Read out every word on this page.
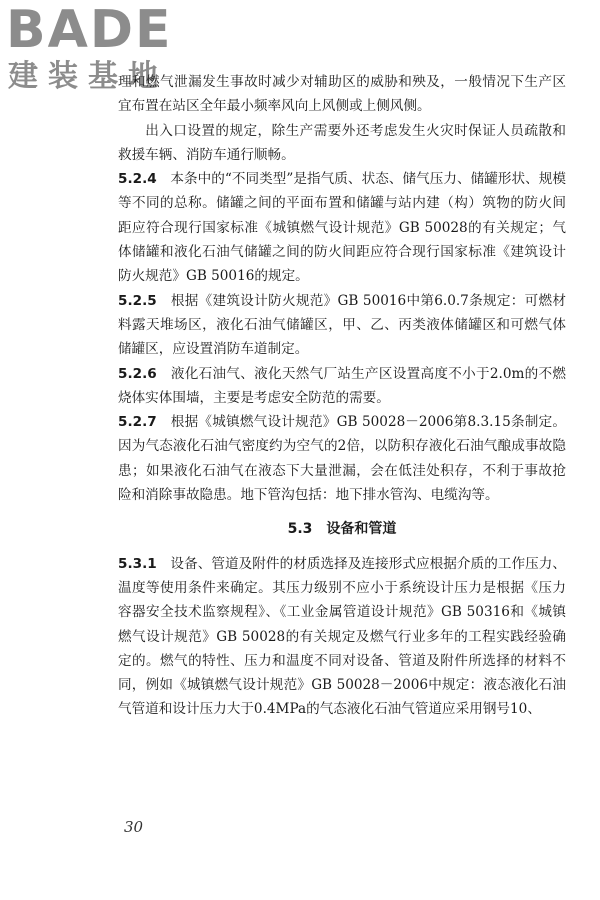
BADE
建装基地

理和燃气泄漏发生事故时减少对辅助区的威胁和殃及，一般情况下生产区宜布置在站区全年最小频率风向上风侧或上侧风侧。

出入口设置的规定，除生产需要外还考虑发生火灾时保证人员疏散和救援车辆、消防车通行顺畅。

5.2.4　 本条中的“不同类型”是指气质、状态、储气压力、储罐形状、规模等不同的总称。储罐之间的平面布置和储罐与站内建（构）筑物的防火间距应符合现行国家标准《城镇燃气设计规范》GB 50028的有关规定；气体储罐和液化石油气储罐之间的防火间距应符合现行国家标准《建筑设计防火规范》GB 50016的规定。

5.2.5　 根据《建筑设计防火规范》GB 50016中第6.0.7条规定：可燃材料露天堆场区，液化石油气储罐区，甲、乙、丙类液体储罐区和可燃气体储罐区，应设置消防车道制定。

5.2.6　 液化石油气、液化天然气厂站生产区设置高度不小于2.0m的不燃烧体实体围墙，主要是考虑安全防范的需要。

5.2.7　 根据《城镇燃气设计规范》GB 50028－2006第8.3.15条制定。因为气态液化石油气密度约为空气的2倍，以防积存液化石油气酿成事故隐患；如果液化石油气在液态下大量泄漏，会在低洼处积存，不利于事故抢险和消除事故隐患。地下管沟包括：地下排水管沟、电缆沟等。

5.3　设备和管道

5.3.1　 设备、管道及附件的材质选择及连接形式应根据介质的工作压力、温度等使用条件来确定。其压力级别不应小于系统设计压力是根据《压力容器安全技术监察规程》、《工业金属管道设计规范》GB 50316和《城镇燃气设计规范》GB 50028的有关规定及燃气行业多年的工程实践经验确定的。燃气的特性、压力和温度不同对设备、管道及附件所选择的材料不同，例如《城镇燃气设计规范》GB 50028－2006中规定：液态液化石油气管道和设计压力大于0.4MPa的气态液化石油气管道应采用钢号10、

30
